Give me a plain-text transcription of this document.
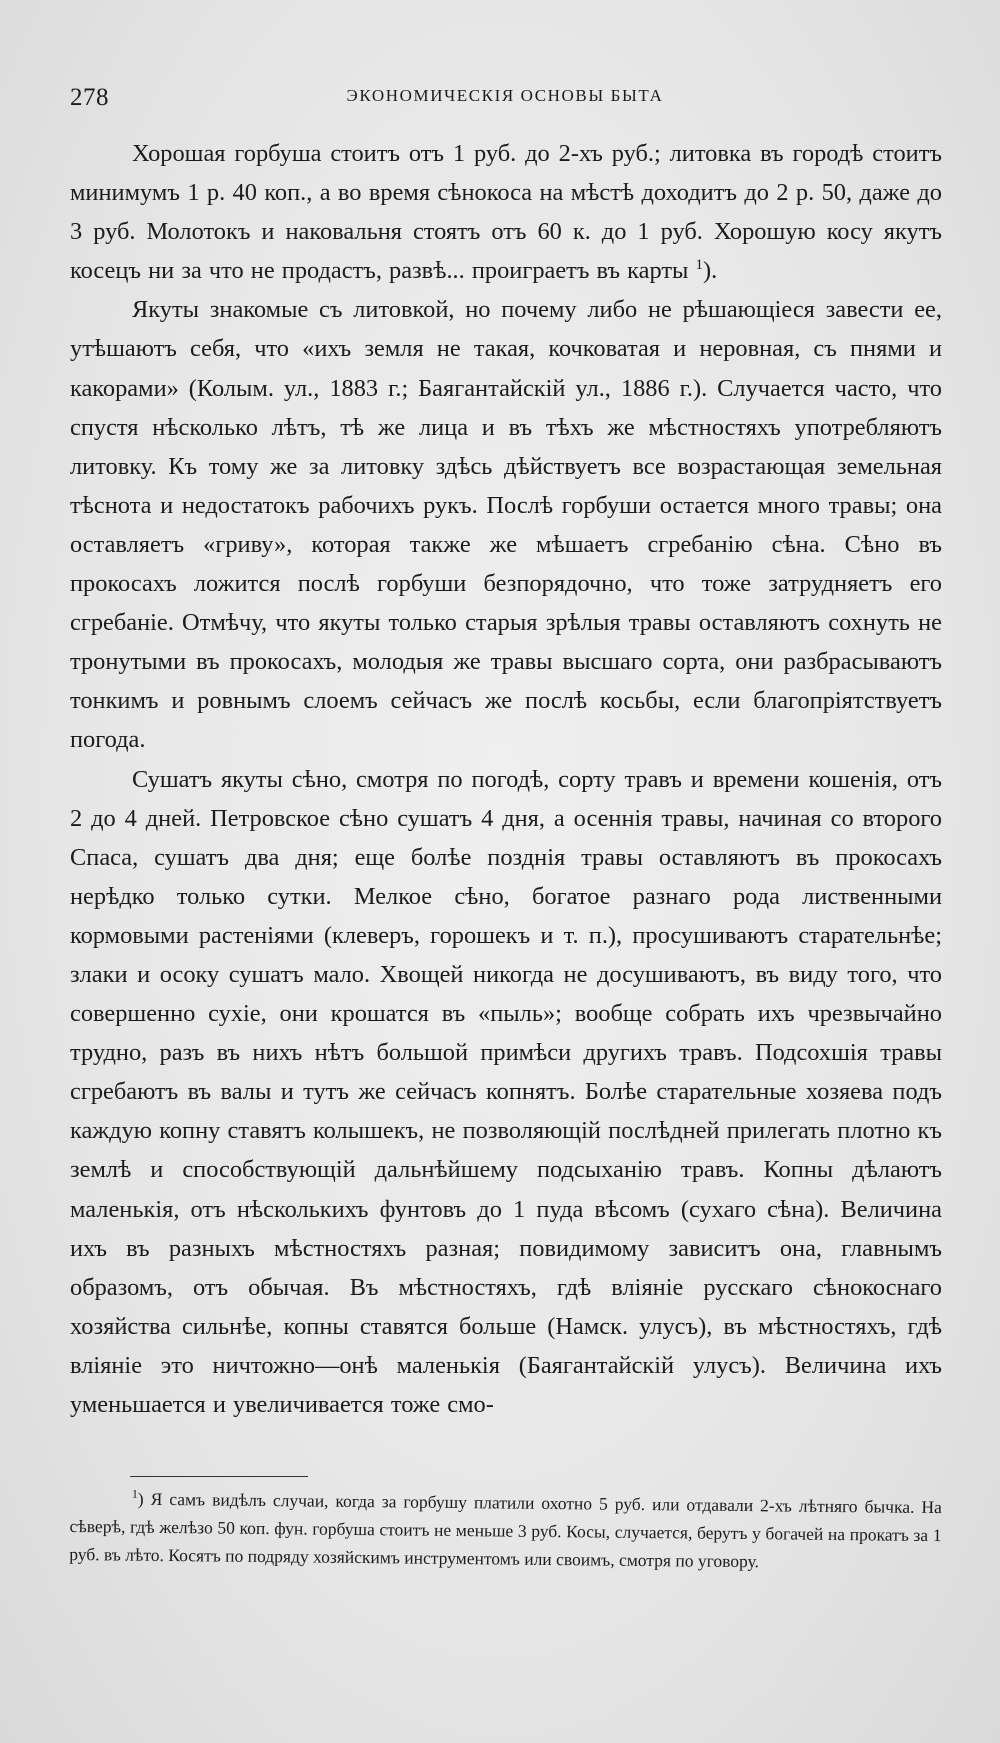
278	ЭКОНОМИЧЕСКІЯ ОСНОВЫ БЫТА

Хорошая горбуша стоитъ отъ 1 руб. до 2-хъ руб.; литовка въ городѣ стоитъ минимумъ 1 р. 40 коп., а во время сѣнокоса на мѣстѣ доходитъ до 2 р. 50, даже до 3 руб. Молотокъ и наковальня стоятъ отъ 60 к. до 1 руб. Хорошую косу якутъ косецъ ни за что не продастъ, развѣ... проиграетъ въ карты $^1$).

Якуты знакомые съ литовкой, но почему либо не рѣшающіеся завести ее, утѣшаютъ себя, что «ихъ земля не такая, кочковатая и неровная, съ пнями и какорами» (Колым. ул., 1883 г.; Баягантайскій ул., 1886 г.). Случается часто, что спустя нѣсколько лѣтъ, тѣ же лица и въ тѣхъ же мѣстностяхъ употребляютъ литовку. Къ тому же за литовку здѣсь дѣйствуетъ все возрастающая земельная тѣснота и недостатокъ рабочихъ рукъ. Послѣ горбуши остается много травы; она оставляетъ «гриву», которая также же мѣшаетъ сгребанію сѣна. Сѣно въ прокосахъ ложится послѣ горбуши безпорядочно, что тоже затрудняетъ его сгребаніе. Отмѣчу, что якуты только старыя зрѣлыя травы оставляютъ сохнуть не тронутыми въ прокосахъ, молодыя же травы высшаго сорта, они разбрасываютъ тонкимъ и ровнымъ слоемъ сейчасъ же послѣ косьбы, если благопріятствуетъ погода.

Сушатъ якуты сѣно, смотря по погодѣ, сорту травъ и времени кошенія, отъ 2 до 4 дней. Петровское сѣно сушатъ 4 дня, а осеннія травы, начиная со второго Спаса, сушатъ два дня; еще болѣе позднія травы оставляютъ въ прокосахъ нерѣдко только сутки. Мелкое сѣно, богатое разнаго рода лиственными кормовыми растеніями (клеверъ, горошекъ и т. п.), просушиваютъ старательнѣе; злаки и осоку сушатъ мало. Хвощей никогда не досушиваютъ, въ виду того, что совершенно сухіе, они крошатся въ «пыль»; вообще собрать ихъ чрезвычайно трудно, разъ въ нихъ нѣтъ большой примѣси другихъ травъ. Подсохшія травы сгребаютъ въ валы и тутъ же сейчасъ копнятъ. Болѣе старательные хозяева подъ каждую копну ставятъ колышекъ, не позволяющій послѣдней прилегать плотно къ землѣ и способствующій дальнѣйшему подсыханію травъ. Копны дѣлаютъ маленькія, отъ нѣсколькихъ фунтовъ до 1 пуда вѣсомъ (сухаго сѣна). Величина ихъ въ разныхъ мѣстностяхъ разная; повидимому зависитъ она, главнымъ образомъ, отъ обычая. Въ мѣстностяхъ, гдѣ вліяніе русскаго сѣнокоснаго хозяйства сильнѣе, копны ставятся больше (Намск. улусъ), въ мѣстностяхъ, гдѣ вліяніе это ничтожно—онѣ маленькія (Баягантайскій улусъ). Величина ихъ уменьшается и увеличивается тоже смо-

$^1$) Я самъ видѣлъ случаи, когда за горбушу платили охотно 5 руб. или отдавали 2-хъ лѣтняго бычка. На сѣверѣ, гдѣ желѣзо 50 коп. фун. горбуша стоитъ не меньше 3 руб. Косы, случается, берутъ у богачей на прокатъ за 1 руб. въ лѣто. Косятъ по подряду хозяйскимъ инструментомъ или своимъ, смотря по уговору.
